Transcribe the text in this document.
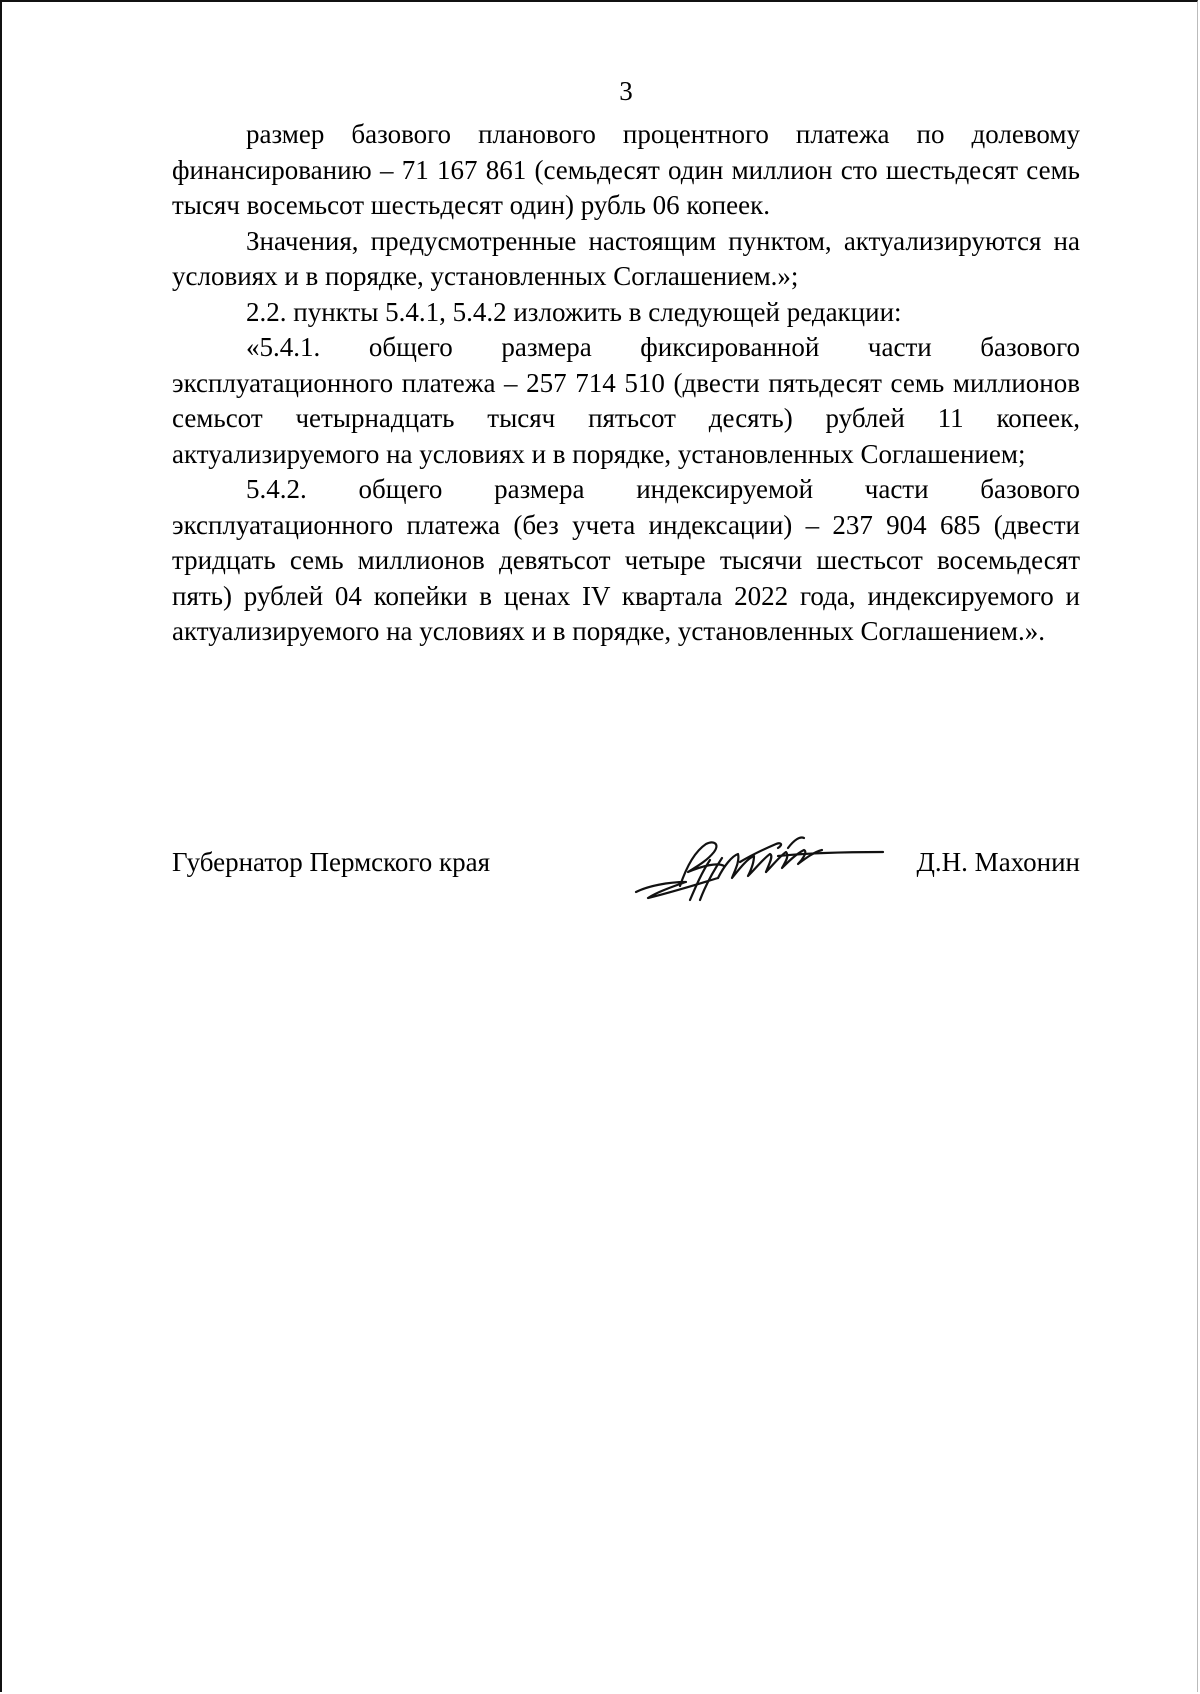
3

размер базового планового процентного платежа по долевому финансированию – 71 167 861 (семьдесят один миллион сто шестьдесят семь тысяч восемьсот шестьдесят один) рубль 06 копеек.

Значения, предусмотренные настоящим пунктом, актуализируются на условиях и в порядке, установленных Соглашением.»;

2.2. пункты 5.4.1, 5.4.2 изложить в следующей редакции:

«5.4.1. общего размера фиксированной части базового эксплуатационного платежа – 257 714 510 (двести пятьдесят семь миллионов семьсот четырнадцать тысяч пятьсот десять) рублей 11 копеек, актуализируемого на условиях и в порядке, установленных Соглашением;

5.4.2. общего размера индексируемой части базового эксплуатационного платежа (без учета индексации) – 237 904 685 (двести тридцать семь миллионов девятьсот четыре тысячи шестьсот восемьдесят пять) рублей 04 копейки в ценах IV квартала 2022 года, индексируемого и актуализируемого на условиях и в порядке, установленных Соглашением.».

Губернатор Пермского края	Д.Н. Махонин
